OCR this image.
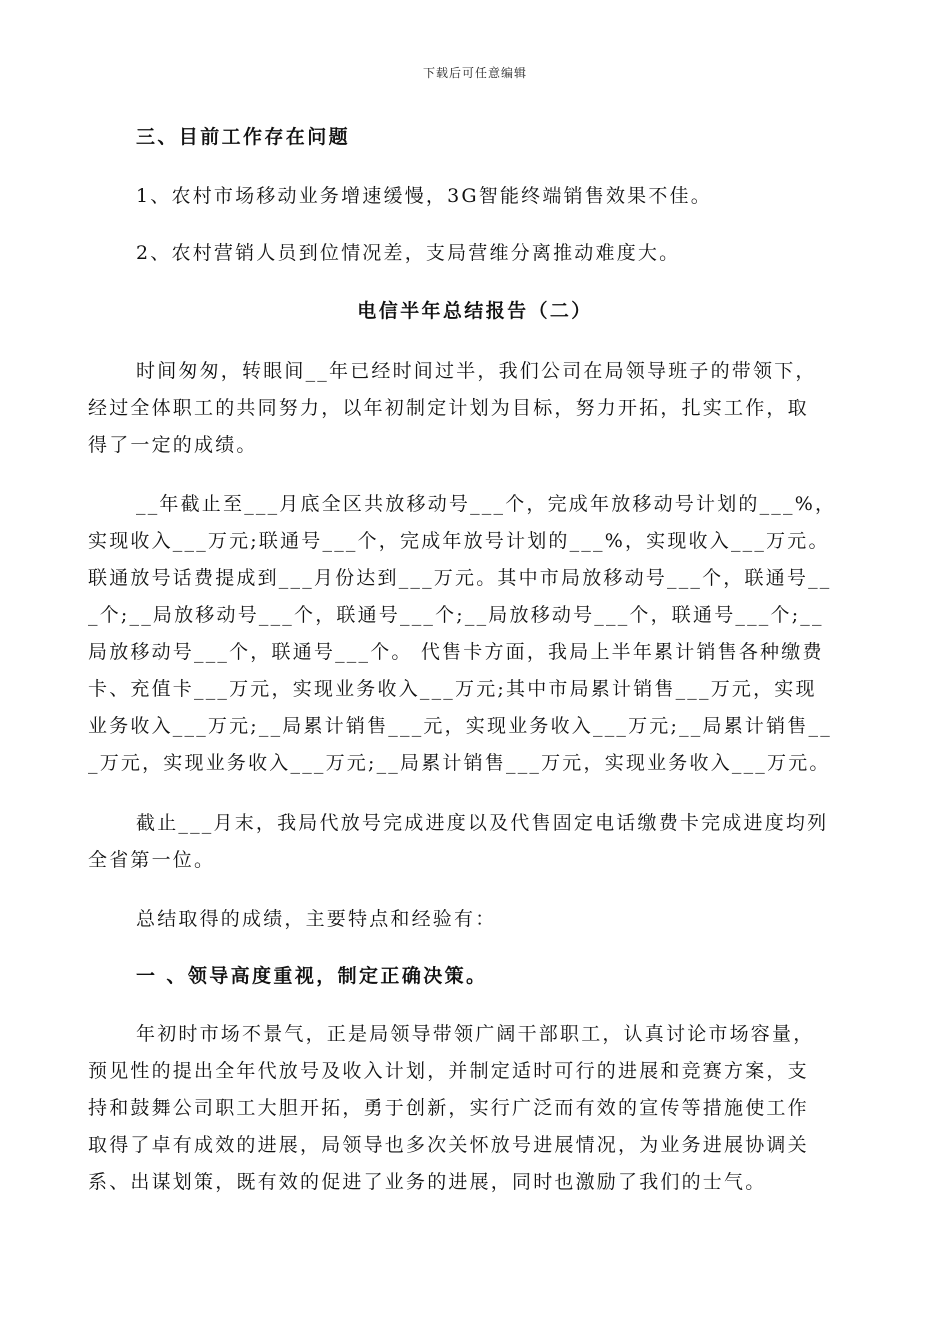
下载后可任意编辑
三、目前工作存在问题
1、农村市场移动业务增速缓慢，3G智能终端销售效果不佳。
2、农村营销人员到位情况差，支局营维分离推动难度大。
电信半年总结报告（二）
时间匆匆，转眼间__年已经时间过半，我们公司在局领导班子的带领下，
经过全体职工的共同努力，以年初制定计划为目标，努力开拓，扎实工作，取
得了一定的成绩。
__年截止至___月底全区共放移动号___个，完成年放移动号计划的___%，
实现收入___万元;联通号___个，完成年放号计划的___%，实现收入___万元。
联通放号话费提成到___月份达到___万元。其中市局放移动号___个，联通号__
_个;__局放移动号___个，联通号___个;__局放移动号___个，联通号___个;__
局放移动号___个，联通号___个。 代售卡方面，我局上半年累计销售各种缴费
卡、充值卡___万元，实现业务收入___万元;其中市局累计销售___万元，实现
业务收入___万元;__局累计销售___元，实现业务收入___万元;__局累计销售__
_万元，实现业务收入___万元;__局累计销售___万元，实现业务收入___万元。
截止___月末，我局代放号完成进度以及代售固定电话缴费卡完成进度均列
全省第一位。
总结取得的成绩，主要特点和经验有：
一 、领导高度重视，制定正确决策。
年初时市场不景气，正是局领导带领广阔干部职工，认真讨论市场容量，
预见性的提出全年代放号及收入计划，并制定适时可行的进展和竞赛方案，支
持和鼓舞公司职工大胆开拓，勇于创新，实行广泛而有效的宣传等措施使工作
取得了卓有成效的进展，局领导也多次关怀放号进展情况，为业务进展协调关
系、出谋划策，既有效的促进了业务的进展，同时也激励了我们的士气。
